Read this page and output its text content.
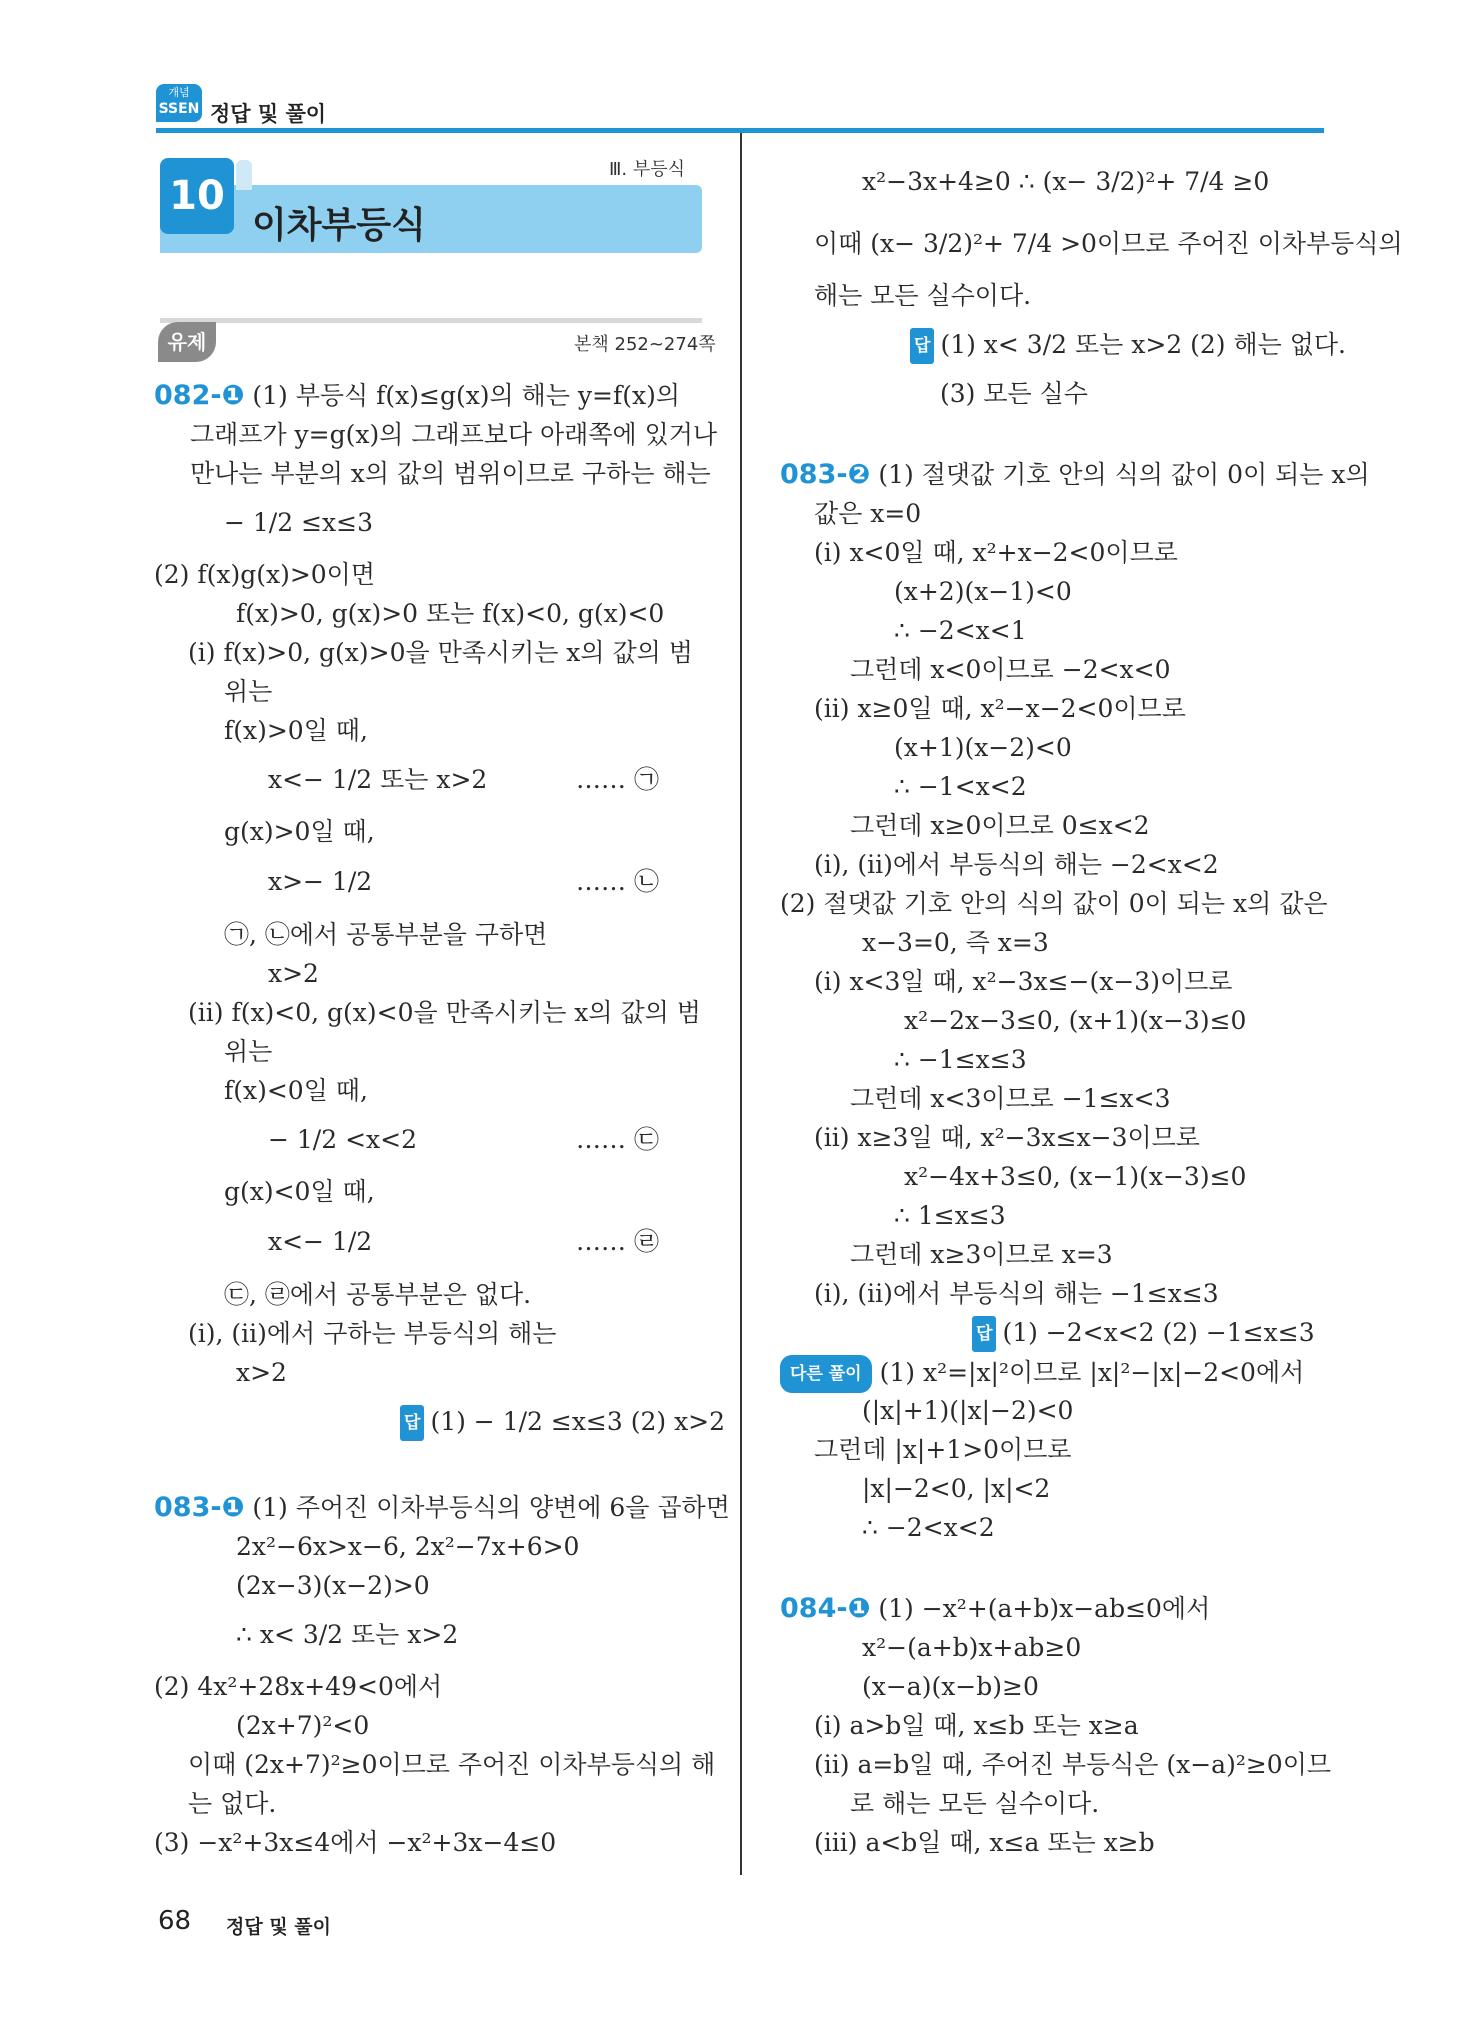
개념
SSEN 정답 및 풀이
Ⅲ. 부등식
10
이차부등식
유제	본책 252~274쪽
082-❶ (1) 부등식 f(x)≤g(x)의 해는 y=f(x)의
그래프가 y=g(x)의 그래프보다 아래쪽에 있거나
만나는 부분의 x의 값의 범위이므로 구하는 해는
− 1/2 ≤x≤3
(2) f(x)g(x)>0이면
f(x)>0, g(x)>0 또는 f(x)<0, g(x)<0
(ⅰ) f(x)>0, g(x)>0을 만족시키는 x의 값의 범
위는
f(x)>0일 때,
x<− 1/2 또는 x>2	…… ㉠
g(x)>0일 때,
x>− 1/2	…… ㉡
㉠, ㉡에서 공통부분을 구하면
x>2
(ⅱ) f(x)<0, g(x)<0을 만족시키는 x의 값의 범
위는
f(x)<0일 때,
− 1/2 <x<2	…… ㉢
g(x)<0일 때,
x<− 1/2	…… ㉣
㉢, ㉣에서 공통부분은 없다.
(ⅰ), (ⅱ)에서 구하는 부등식의 해는
x>2
답 (1) − 1/2 ≤x≤3 (2) x>2
083-❶ (1) 주어진 이차부등식의 양변에 6을 곱하면
2x²−6x>x−6, 2x²−7x+6>0
(2x−3)(x−2)>0
∴ x< 3/2 또는 x>2
(2) 4x²+28x+49<0에서
(2x+7)²<0
이때 (2x+7)²≥0이므로 주어진 이차부등식의 해
는 없다.
(3) −x²+3x≤4에서 −x²+3x−4≤0
x²−3x+4≥0 ∴ (x− 3/2)²+ 7/4 ≥0
이때 (x− 3/2)²+ 7/4 >0이므로 주어진 이차부등식의
해는 모든 실수이다.
답 (1) x< 3/2 또는 x>2 (2) 해는 없다.
(3) 모든 실수
083-❷ (1) 절댓값 기호 안의 식의 값이 0이 되는 x의
값은 x=0
(ⅰ) x<0일 때, x²+x−2<0이므로
(x+2)(x−1)<0
∴ −2<x<1
그런데 x<0이므로 −2<x<0
(ⅱ) x≥0일 때, x²−x−2<0이므로
(x+1)(x−2)<0
∴ −1<x<2
그런데 x≥0이므로 0≤x<2
(ⅰ), (ⅱ)에서 부등식의 해는 −2<x<2
(2) 절댓값 기호 안의 식의 값이 0이 되는 x의 값은
x−3=0, 즉 x=3
(ⅰ) x<3일 때, x²−3x≤−(x−3)이므로
x²−2x−3≤0, (x+1)(x−3)≤0
∴ −1≤x≤3
그런데 x<3이므로 −1≤x<3
(ⅱ) x≥3일 때, x²−3x≤x−3이므로
x²−4x+3≤0, (x−1)(x−3)≤0
∴ 1≤x≤3
그런데 x≥3이므로 x=3
(ⅰ), (ⅱ)에서 부등식의 해는 −1≤x≤3
답 (1) −2<x<2 (2) −1≤x≤3
다른 풀이 (1) x²=|x|²이므로 |x|²−|x|−2<0에서
(|x|+1)(|x|−2)<0
그런데 |x|+1>0이므로
|x|−2<0, |x|<2
∴ −2<x<2
084-❶ (1) −x²+(a+b)x−ab≤0에서
x²−(a+b)x+ab≥0
(x−a)(x−b)≥0
(ⅰ) a>b일 때, x≤b 또는 x≥a
(ⅱ) a=b일 때, 주어진 부등식은 (x−a)²≥0이므
로 해는 모든 실수이다.
(ⅲ) a<b일 때, x≤a 또는 x≥b
68 정답 및 풀이
